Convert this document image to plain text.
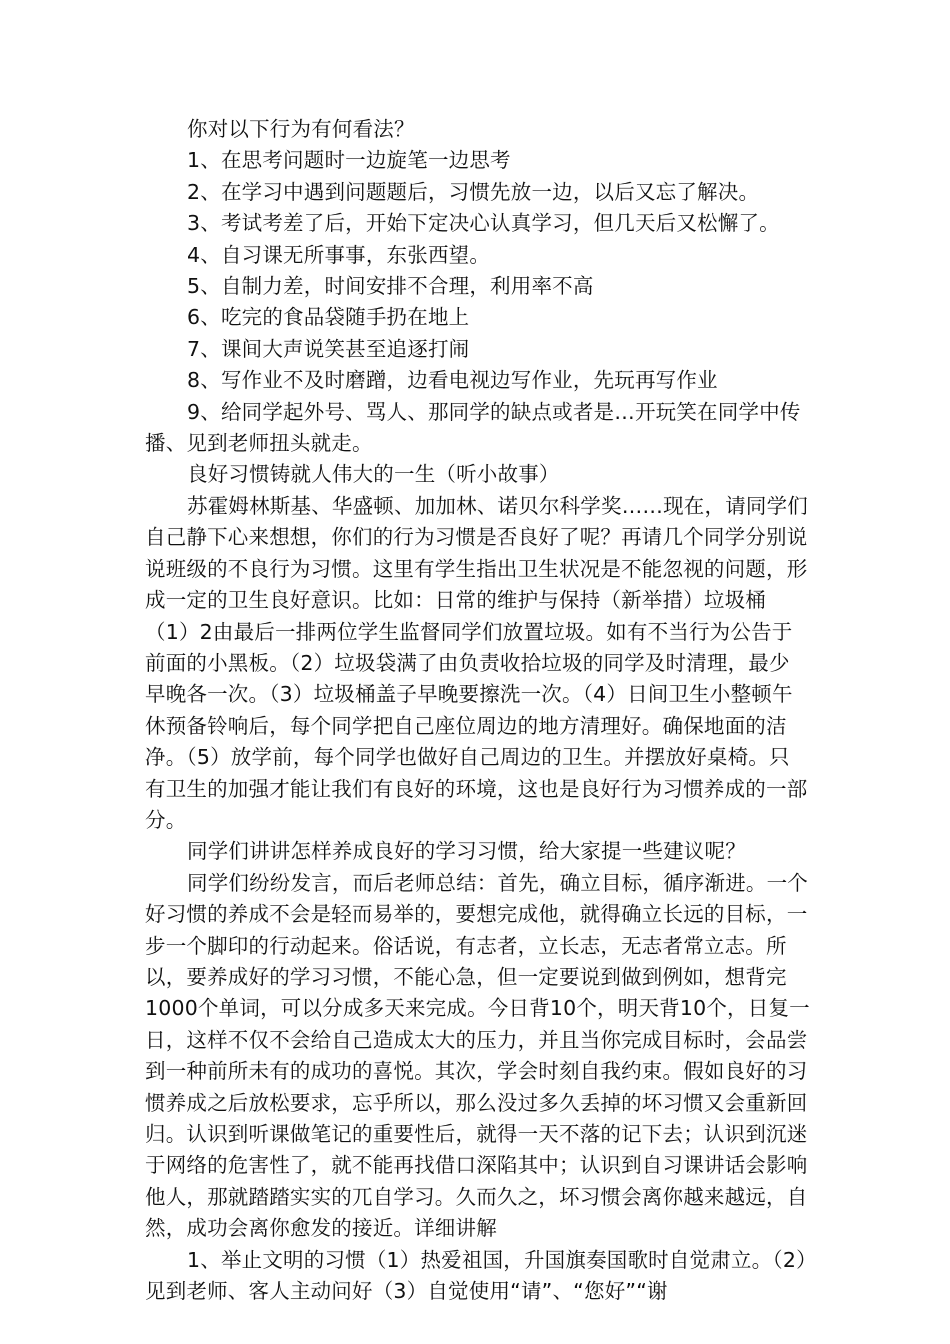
你对以下行为有何看法？

1、在思考问题时一边旋笔一边思考

2、在学习中遇到问题题后，习惯先放一边，以后又忘了解决。

3、考试考差了后，开始下定决心认真学习，但几天后又松懈了。

4、自习课无所事事，东张西望。

5、自制力差，时间安排不合理，利用率不高

6、吃完的食品袋随手扔在地上

7、课间大声说笑甚至追逐打闹

8、写作业不及时磨蹭，边看电视边写作业，先玩再写作业

9、给同学起外号、骂人、那同学的缺点或者是…开玩笑在同学中传播、见到老师扭头就走。

良好习惯铸就人伟大的一生（听小故事）

苏霍姆林斯基、华盛顿、加加林、诺贝尔科学奖……现在，请同学们自己静下心来想想，你们的行为习惯是否良好了呢？再请几个同学分别说说班级的不良行为习惯。这里有学生指出卫生状况是不能忽视的问题，形成一定的卫生良好意识。比如：日常的维护与保持（新举措）垃圾桶（1）2由最后一排两位学生监督同学们放置垃圾。如有不当行为公告于前面的小黑板。（2）垃圾袋满了由负责收拾垃圾的同学及时清理，最少早晚各一次。（3）垃圾桶盖子早晚要擦洗一次。（4）日间卫生小整顿午休预备铃响后，每个同学把自己座位周边的地方清理好。确保地面的洁净。（5）放学前，每个同学也做好自己周边的卫生。并摆放好桌椅。只有卫生的加强才能让我们有良好的环境，这也是良好行为习惯养成的一部分。

同学们讲讲怎样养成良好的学习习惯，给大家提一些建议呢？

同学们纷纷发言，而后老师总结：首先，确立目标，循序渐进。一个好习惯的养成不会是轻而易举的，要想完成他，就得确立长远的目标，一步一个脚印的行动起来。俗话说，有志者，立长志，无志者常立志。所以，要养成好的学习习惯，不能心急，但一定要说到做到例如，想背完1000个单词，可以分成多天来完成。今日背10个，明天背10个，日复一日，这样不仅不会给自己造成太大的压力，并且当你完成目标时，会品尝到一种前所未有的成功的喜悦。其次，学会时刻自我约束。假如良好的习惯养成之后放松要求，忘乎所以，那么没过多久丢掉的坏习惯又会重新回归。认识到听课做笔记的重要性后，就得一天不落的记下去；认识到沉迷于网络的危害性了，就不能再找借口深陷其中；认识到自习课讲话会影响他人，那就踏踏实实的兀自学习。久而久之，坏习惯会离你越来越远，自然，成功会离你愈发的接近。详细讲解

1、举止文明的习惯（1）热爱祖国，升国旗奏国歌时自觉肃立。（2）见到老师、客人主动问好（3）自觉使用“请”、“您好”“谢
